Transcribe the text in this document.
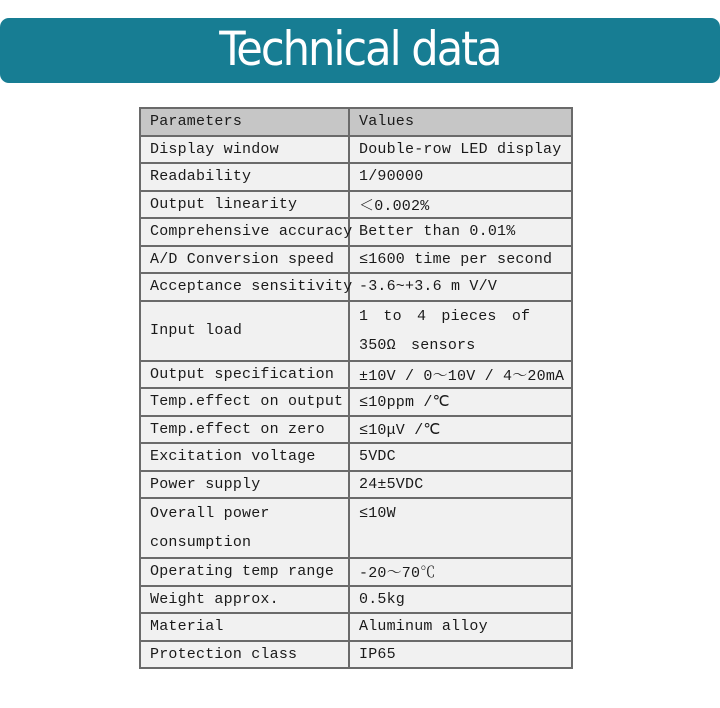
Technical data
Parameters	Values
Display window	Double-row LED display
Readability	1/90000
Output linearity	＜0.002%
Comprehensive accuracy	Better than 0.01%
A/D Conversion speed	≤1600 time per second
Acceptance sensitivity	-3.6~+3.6 m V/V
Input load	1 to 4 pieces of 350Ω sensors
Output specification	±10V / 0～10V / 4～20mA
Temp.effect on output	≤10ppm /℃
Temp.effect on zero	≤10μV /℃
Excitation voltage	5VDC
Power supply	24±5VDC
Overall power consumption	≤10W
Operating temp range	-20～70℃
Weight approx.	0.5kg
Material	Aluminum alloy
Protection class	IP65
